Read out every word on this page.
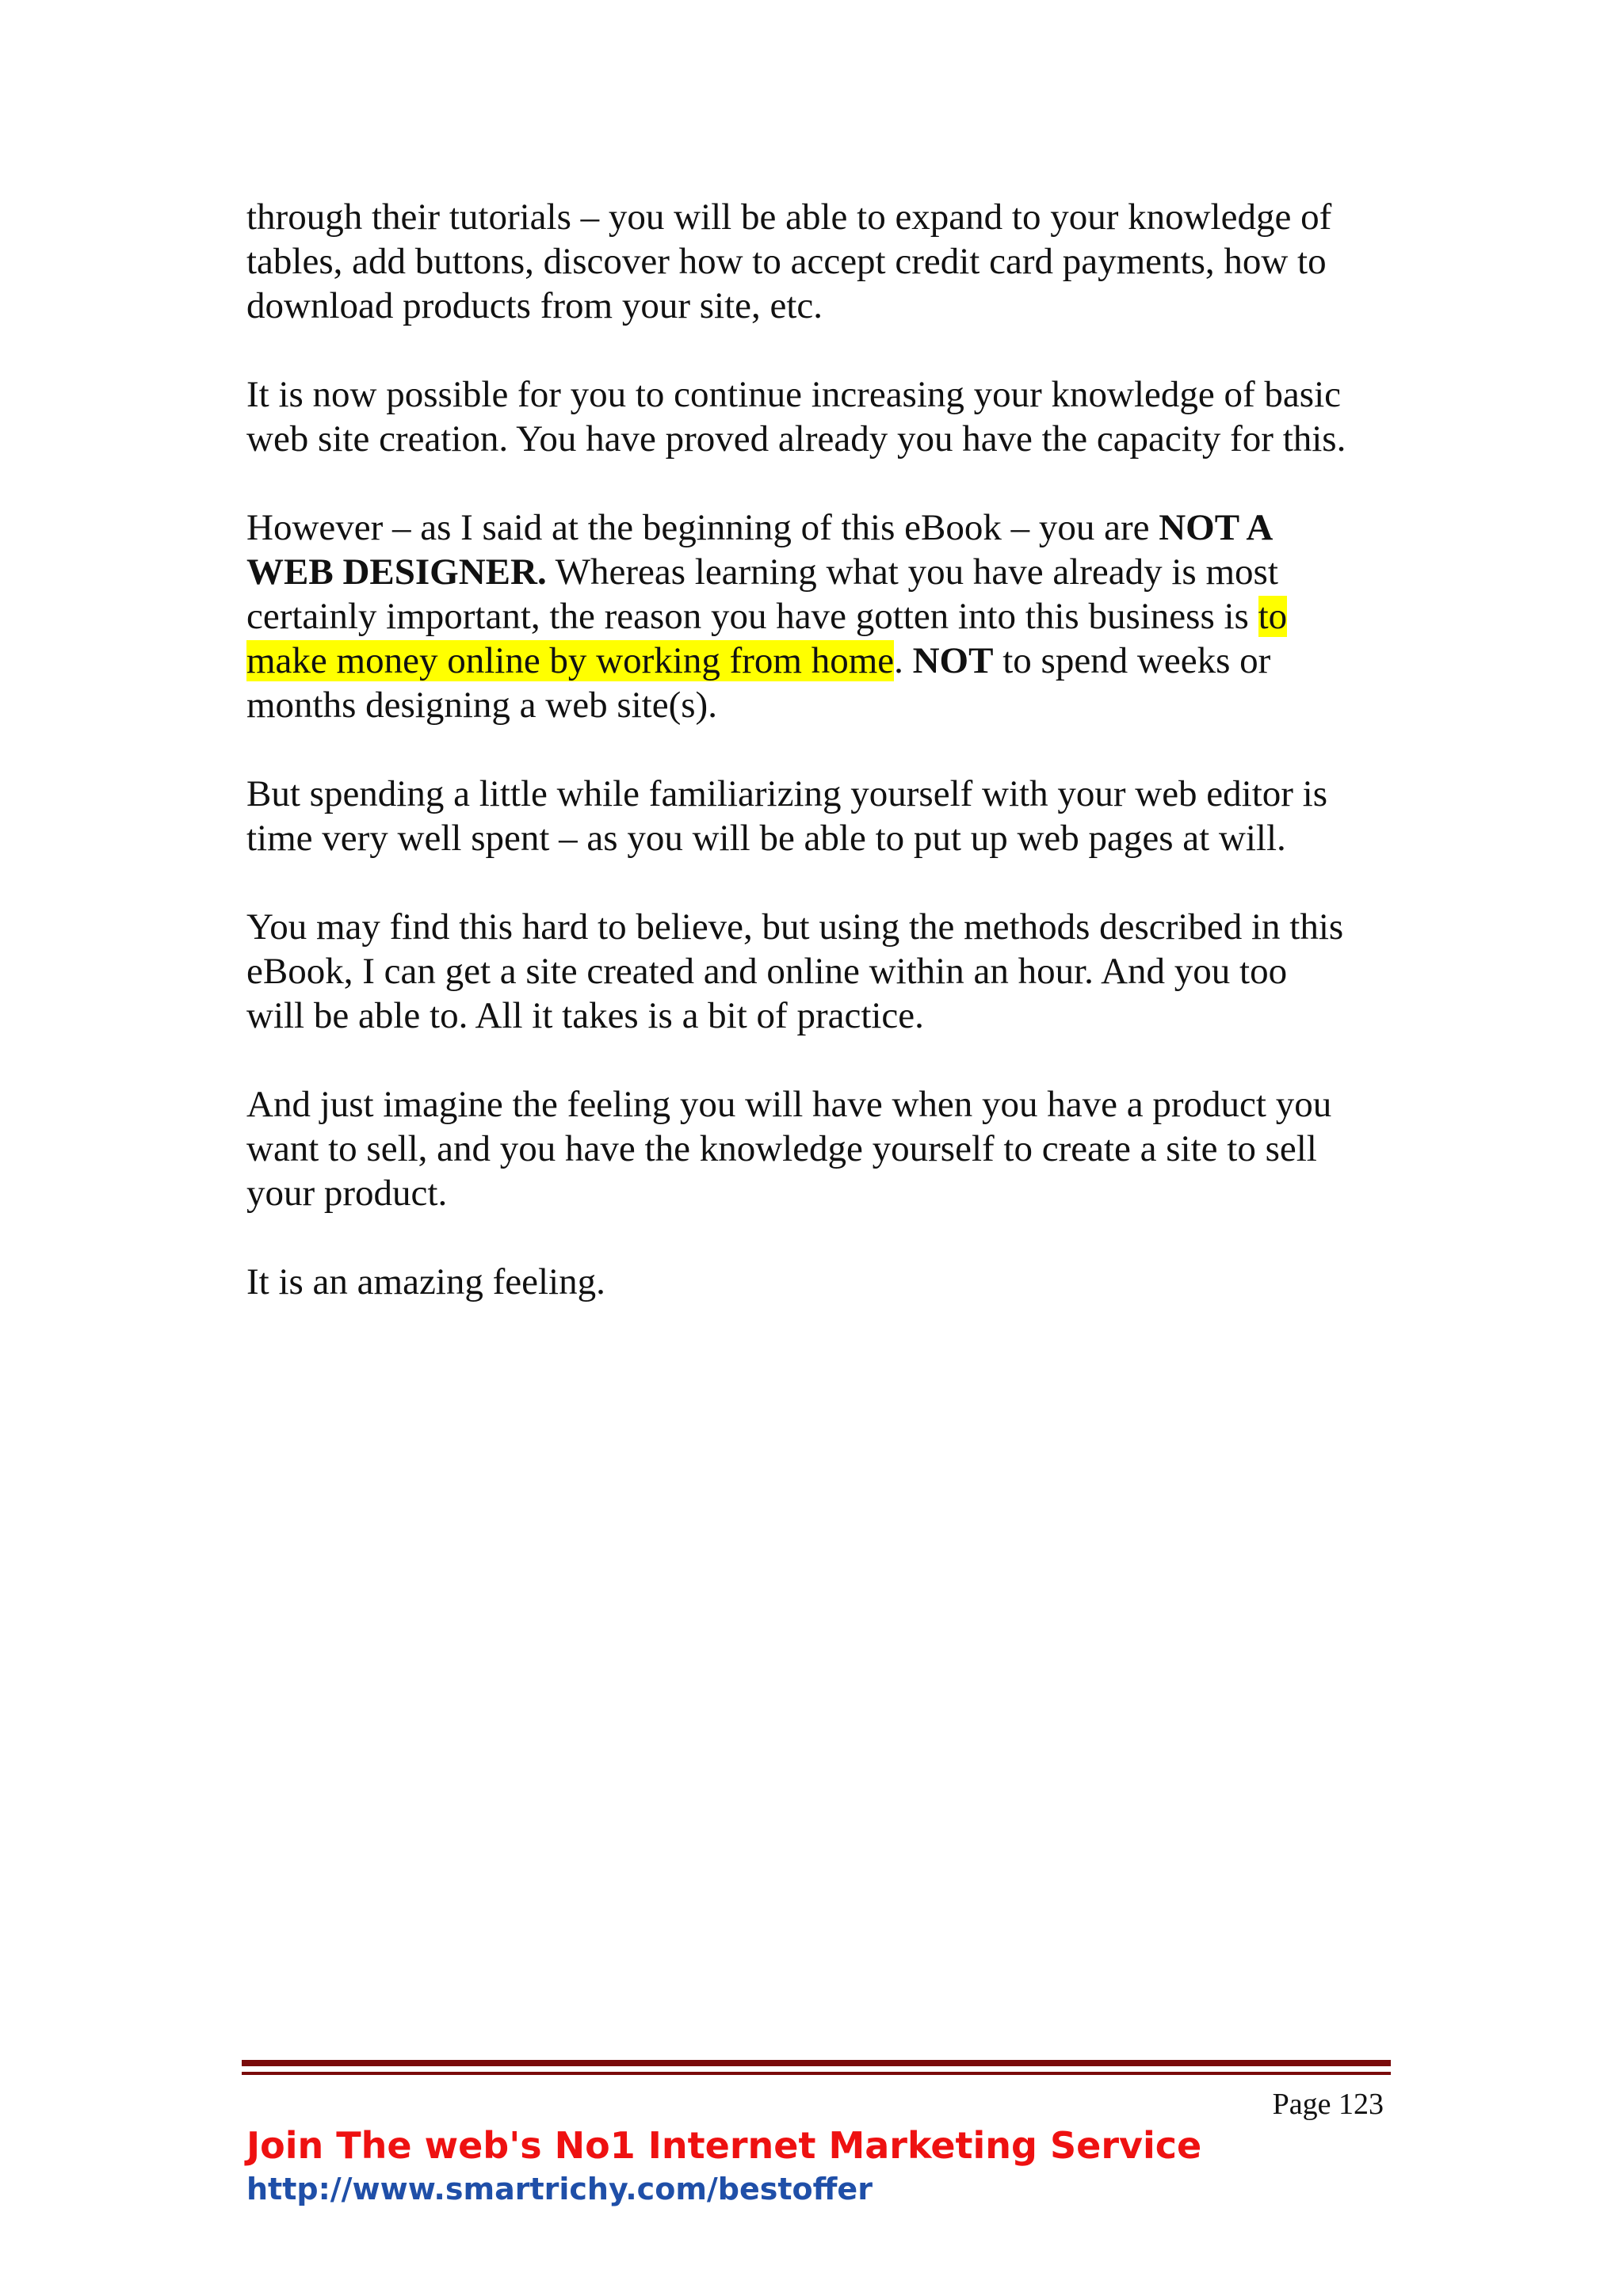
through their tutorials – you will be able to expand to your knowledge of
tables, add buttons, discover how to accept credit card payments, how to
download products from your site, etc.

It is now possible for you to continue increasing your knowledge of basic
web site creation. You have proved already you have the capacity for this.

However – as I said at the beginning of this eBook – you are NOT A
WEB DESIGNER. Whereas learning what you have already is most
certainly important, the reason you have gotten into this business is to
make money online by working from home. NOT to spend weeks or
months designing a web site(s).

But spending a little while familiarizing yourself with your web editor is
time very well spent – as you will be able to put up web pages at will.

You may find this hard to believe, but using the methods described in this
eBook, I can get a site created and online within an hour. And you too
will be able to. All it takes is a bit of practice.

And just imagine the feeling you will have when you have a product you
want to sell, and you have the knowledge yourself to create a site to sell
your product.

It is an amazing feeling.

Page 123
Join The web's No1 Internet Marketing Service
http://www.smartrichy.com/bestoffer
